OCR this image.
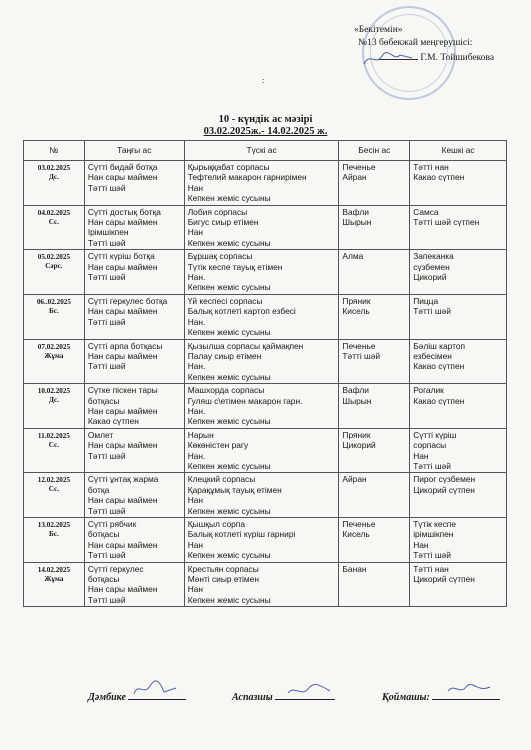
«Бекітемін»
№13 бөбекжай меңгерушісі:
Г.М. Тойшибекова
:
10 - күндік ас мәзірі
03.02.2025ж.- 14.02.2025 ж.
№	Таңғы ас	Түскі ас	Бесін ас	Кешкі ас

03.02.2025
Дс.	Сүтті бидай ботқа
Нан сары маймен
Тәтті шәй	Қырыққабат сорпасы
Тефтелий макарон гарнирімен
Нан
Кепкен жеміс сусыны	Печенье
Айран	Тәтті нан
Какао сүтпен

04.02.2025
Сс.	Сүтті достық ботқа
Нан сары маймен
Ірімшікпен
Тәтті шәй	Лобия сорпасы
Бигус сиыр етімен
Нан
Кепкен жеміс сусыны	Вафли
Шырын	Самса
Тәтті шәй сүтпен

05.02.2025
Сәрс.	Сүтті күріш ботқа
Нан сары маймен
Тәтті шәй	Бұршақ сорпасы
Түтік кеспе тауық етімен
Нан.
Кепкен жеміс сусыны	Алма	Запеканка
сүзбемен
Цикорий

06..02.2025
Бс.	Сүтті геркулес ботқа
Нан сары маймен
Тәтті шәй	Үй кеспесі сорпасы
Балық котлеті картоп езбесі
Нан.
Кепкен жеміс сусыны	Пряник
Кисель	Пицца
Тәтті шәй

07.02.2025
Жұма	Сүтті арпа ботқасы
Нан сары маймен
Тәтті шәй	Қызылша сорпасы қаймақпен
Палау сиыр етімен
Нан.
Кепкен жеміс сусыны	Печенье
Тәтті шәй	Бәліш картоп
езбесімен
Какао сүтпен

10.02.2025
Дс.	Сүтке піскен тары
ботқасы
Нан сары маймен
Какао сүтпен	Машхорда сорпасы
Гуляш с\етімен макарон гарн.
Нан.
Кепкен жеміс сусыны	Вафли
Шырын	Рогалик
Какао сүтпен

11.02.2025
Сс.	Омлет
Нан сары маймен
Тәтті шәй	Нарын
Көкөністен рагу
Нан.
Кепкен жеміс сусыны	Пряник
Цикорий	Сүтті күріш
сорпасы
Нан
Тәтті шәй

12.02.2025
Сс.	Сүтті ұнтақ жарма
ботқа
Нан сары маймен
Тәтті шәй	Клецкий сорпасы
Қарақұмық тауық етімен
Нан
Кепкен жеміс сусыны	Айран	Пирог сүзбемен
Цикорий сүтпен

13.02.2025
Бс.	Сүтті рябчик
ботқасы
Нан сары маймен
Тәтті шәй	Қышқыл сорпа
Балық котлеті күріш гарнирі
Нан
Кепкен жеміс сусыны	Печенье
Кисель	Түтік кеспе
ірімшікпен
Нан
Тәтті шәй

14.02.2025
Жұма	Сүтті геркулес
ботқасы
Нан сары маймен
Тәтті шәй	Крестьян сорпасы
Мәнті сиыр етімен
Нан
Кепкен жеміс сусыны	Банан	Тәтті нан
Цикорий сүтпен
Дәмбике	Аспазшы	Қоймашы:
